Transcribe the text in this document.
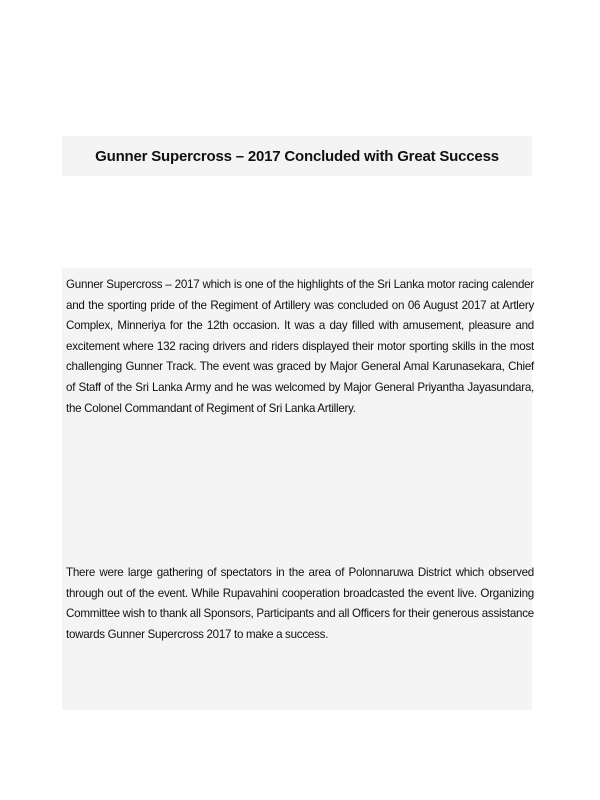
Gunner Supercross – 2017 Concluded with Great Success

Gunner Supercross – 2017 which is one of the highlights of the Sri Lanka motor racing calender and the sporting pride of the Regiment of Artillery was concluded on 06 August 2017 at Artlery Complex, Minneriya for the 12th occasion. It was a day filled with amusement, pleasure and excitement where 132 racing drivers and riders displayed their motor sporting skills in the most challenging Gunner Track. The event was graced by Major General Amal Karunasekara, Chief of Staff of the Sri Lanka Army and he was welcomed by Major General Priyantha Jayasundara, the Colonel Commandant of Regiment of Sri Lanka Artillery.

There were large gathering of spectators in the area of Polonnaruwa District which observed through out of the event. While Rupavahini cooperation broadcasted the event live. Organizing Committee wish to thank all Sponsors, Participants and all Officers for their generous assistance towards Gunner Supercross 2017 to make a success.
